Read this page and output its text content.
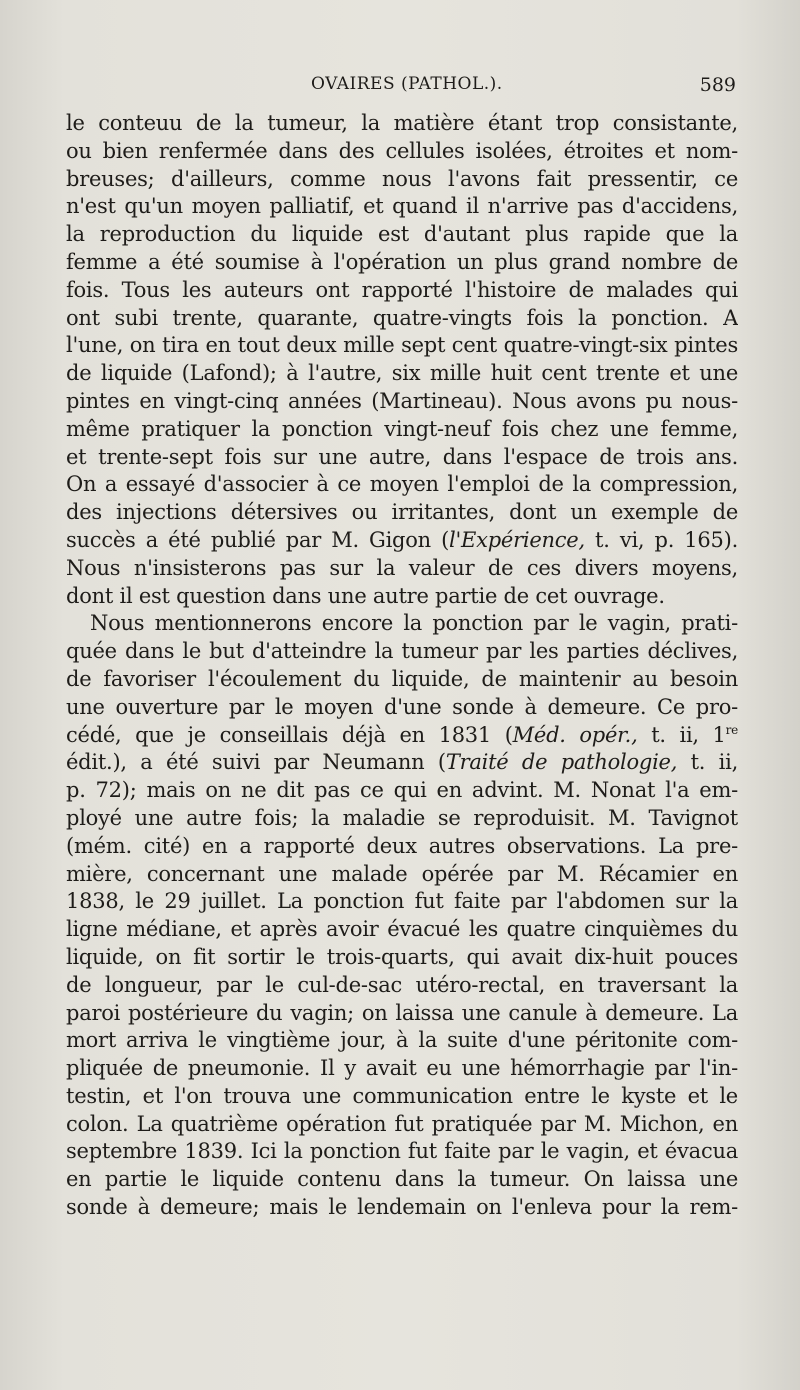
OVAIRES (PATHOL.).	589
le conteuu de la tumeur, la matière étant trop consistante,
ou bien renfermée dans des cellules isolées, étroites et nom-
breuses; d'ailleurs, comme nous l'avons fait pressentir, ce
n'est qu'un moyen palliatif, et quand il n'arrive pas d'accidens,
la reproduction du liquide est d'autant plus rapide que la
femme a été soumise à l'opération un plus grand nombre de
fois. Tous les auteurs ont rapporté l'histoire de malades qui
ont subi trente, quarante, quatre-vingts fois la ponction. A
l'une, on tira en tout deux mille sept cent quatre-vingt-six pintes
de liquide (Lafond); à l'autre, six mille huit cent trente et une
pintes en vingt-cinq années (Martineau). Nous avons pu nous-
même pratiquer la ponction vingt-neuf fois chez une femme,
et trente-sept fois sur une autre, dans l'espace de trois ans.
On a essayé d'associer à ce moyen l'emploi de la compression,
des injections détersives ou irritantes, dont un exemple de
succès a été publié par M. Gigon (l'Expérience, t. vi, p. 165).
Nous n'insisterons pas sur la valeur de ces divers moyens,
dont il est question dans une autre partie de cet ouvrage.
Nous mentionnerons encore la ponction par le vagin, prati-
quée dans le but d'atteindre la tumeur par les parties déclives,
de favoriser l'écoulement du liquide, de maintenir au besoin
une ouverture par le moyen d'une sonde à demeure. Ce pro-
cédé, que je conseillais déjà en 1831 (Méd. opér., t. ii, 1re
édit.), a été suivi par Neumann (Traité de pathologie, t. ii,
p. 72); mais on ne dit pas ce qui en advint. M. Nonat l'a em-
ployé une autre fois; la maladie se reproduisit. M. Tavignot
(mém. cité) en a rapporté deux autres observations. La pre-
mière, concernant une malade opérée par M. Récamier en
1838, le 29 juillet. La ponction fut faite par l'abdomen sur la
ligne médiane, et après avoir évacué les quatre cinquièmes du
liquide, on fit sortir le trois-quarts, qui avait dix-huit pouces
de longueur, par le cul-de-sac utéro-rectal, en traversant la
paroi postérieure du vagin; on laissa une canule à demeure. La
mort arriva le vingtième jour, à la suite d'une péritonite com-
pliquée de pneumonie. Il y avait eu une hémorrhagie par l'in-
testin, et l'on trouva une communication entre le kyste et le
colon. La quatrième opération fut pratiquée par M. Michon, en
septembre 1839. Ici la ponction fut faite par le vagin, et évacua
en partie le liquide contenu dans la tumeur. On laissa une
sonde à demeure; mais le lendemain on l'enleva pour la rem-
